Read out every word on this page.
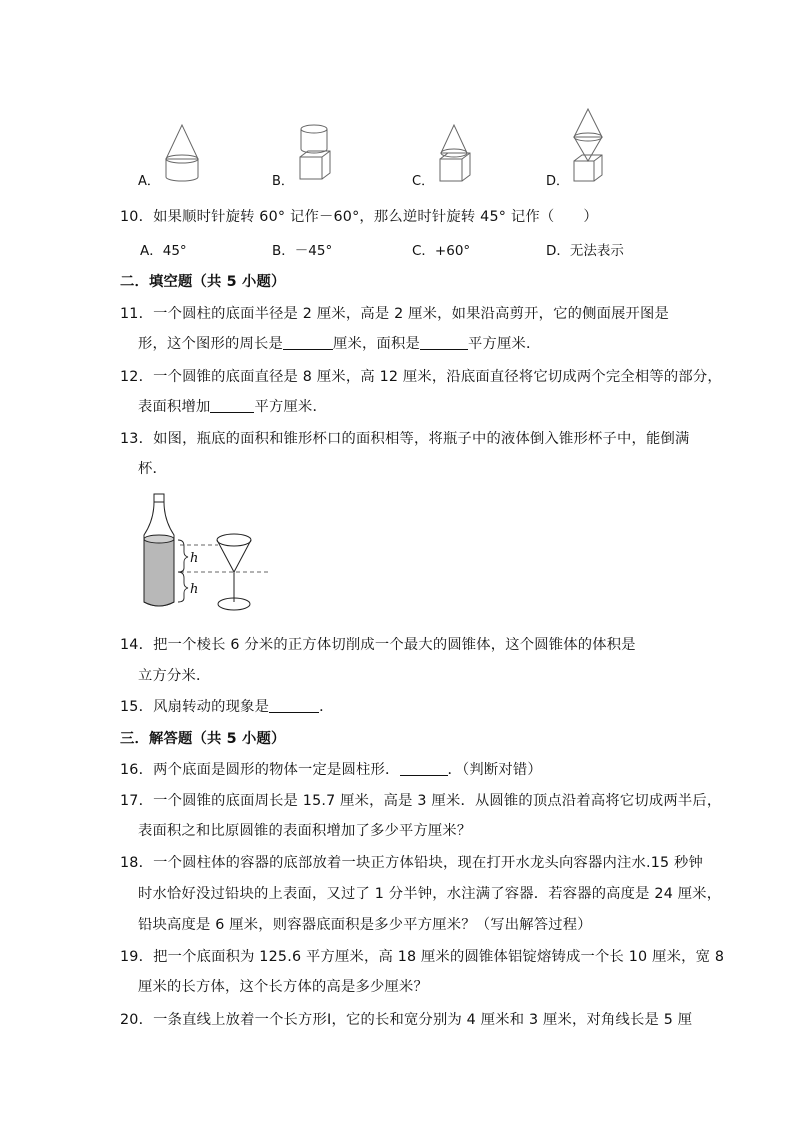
A．	B．	C．	D．
10．如果顺时针旋转 60° 记作－60°，那么逆时针旋转 45° 记作（　　）
A．45°	B．－45°	C．+60°	D．无法表示
二．填空题（共 5 小题）
11．一个圆柱的底面半径是 2 厘米，高是 2 厘米，如果沿高剪开，它的侧面展开图是
形，这个图形的周长是	厘米，面积是	平方厘米．
12．一个圆锥的底面直径是 8 厘米，高 12 厘米，沿底面直径将它切成两个完全相等的部分，
表面积增加	平方厘米．
13．如图，瓶底的面积和锥形杯口的面积相等，将瓶子中的液体倒入锥形杯子中，能倒满
杯．
h
h
14．把一个棱长 6 分米的正方体切削成一个最大的圆锥体，这个圆锥体的体积是
立方分米．
15．风扇转动的现象是	．
三．解答题（共 5 小题）
16．两个底面是圆形的物体一定是圆柱形．	．（判断对错）
17．一个圆锥的底面周长是 15.7 厘米，高是 3 厘米．从圆锥的顶点沿着高将它切成两半后，
表面积之和比原圆锥的表面积增加了多少平方厘米？
18．一个圆柱体的容器的底部放着一块正方体铅块，现在打开水龙头向容器内注水.15 秒钟
时水恰好没过铅块的上表面，又过了 1 分半钟，水注满了容器．若容器的高度是 24 厘米，
铅块高度是 6 厘米，则容器底面积是多少平方厘米？（写出解答过程）
19．把一个底面积为 125.6 平方厘米，高 18 厘米的圆锥体铝锭熔铸成一个长 10 厘米，宽 8
厘米的长方体，这个长方体的高是多少厘米？
20．一条直线上放着一个长方形Ⅰ，它的长和宽分别为 4 厘米和 3 厘米，对角线长是 5 厘
